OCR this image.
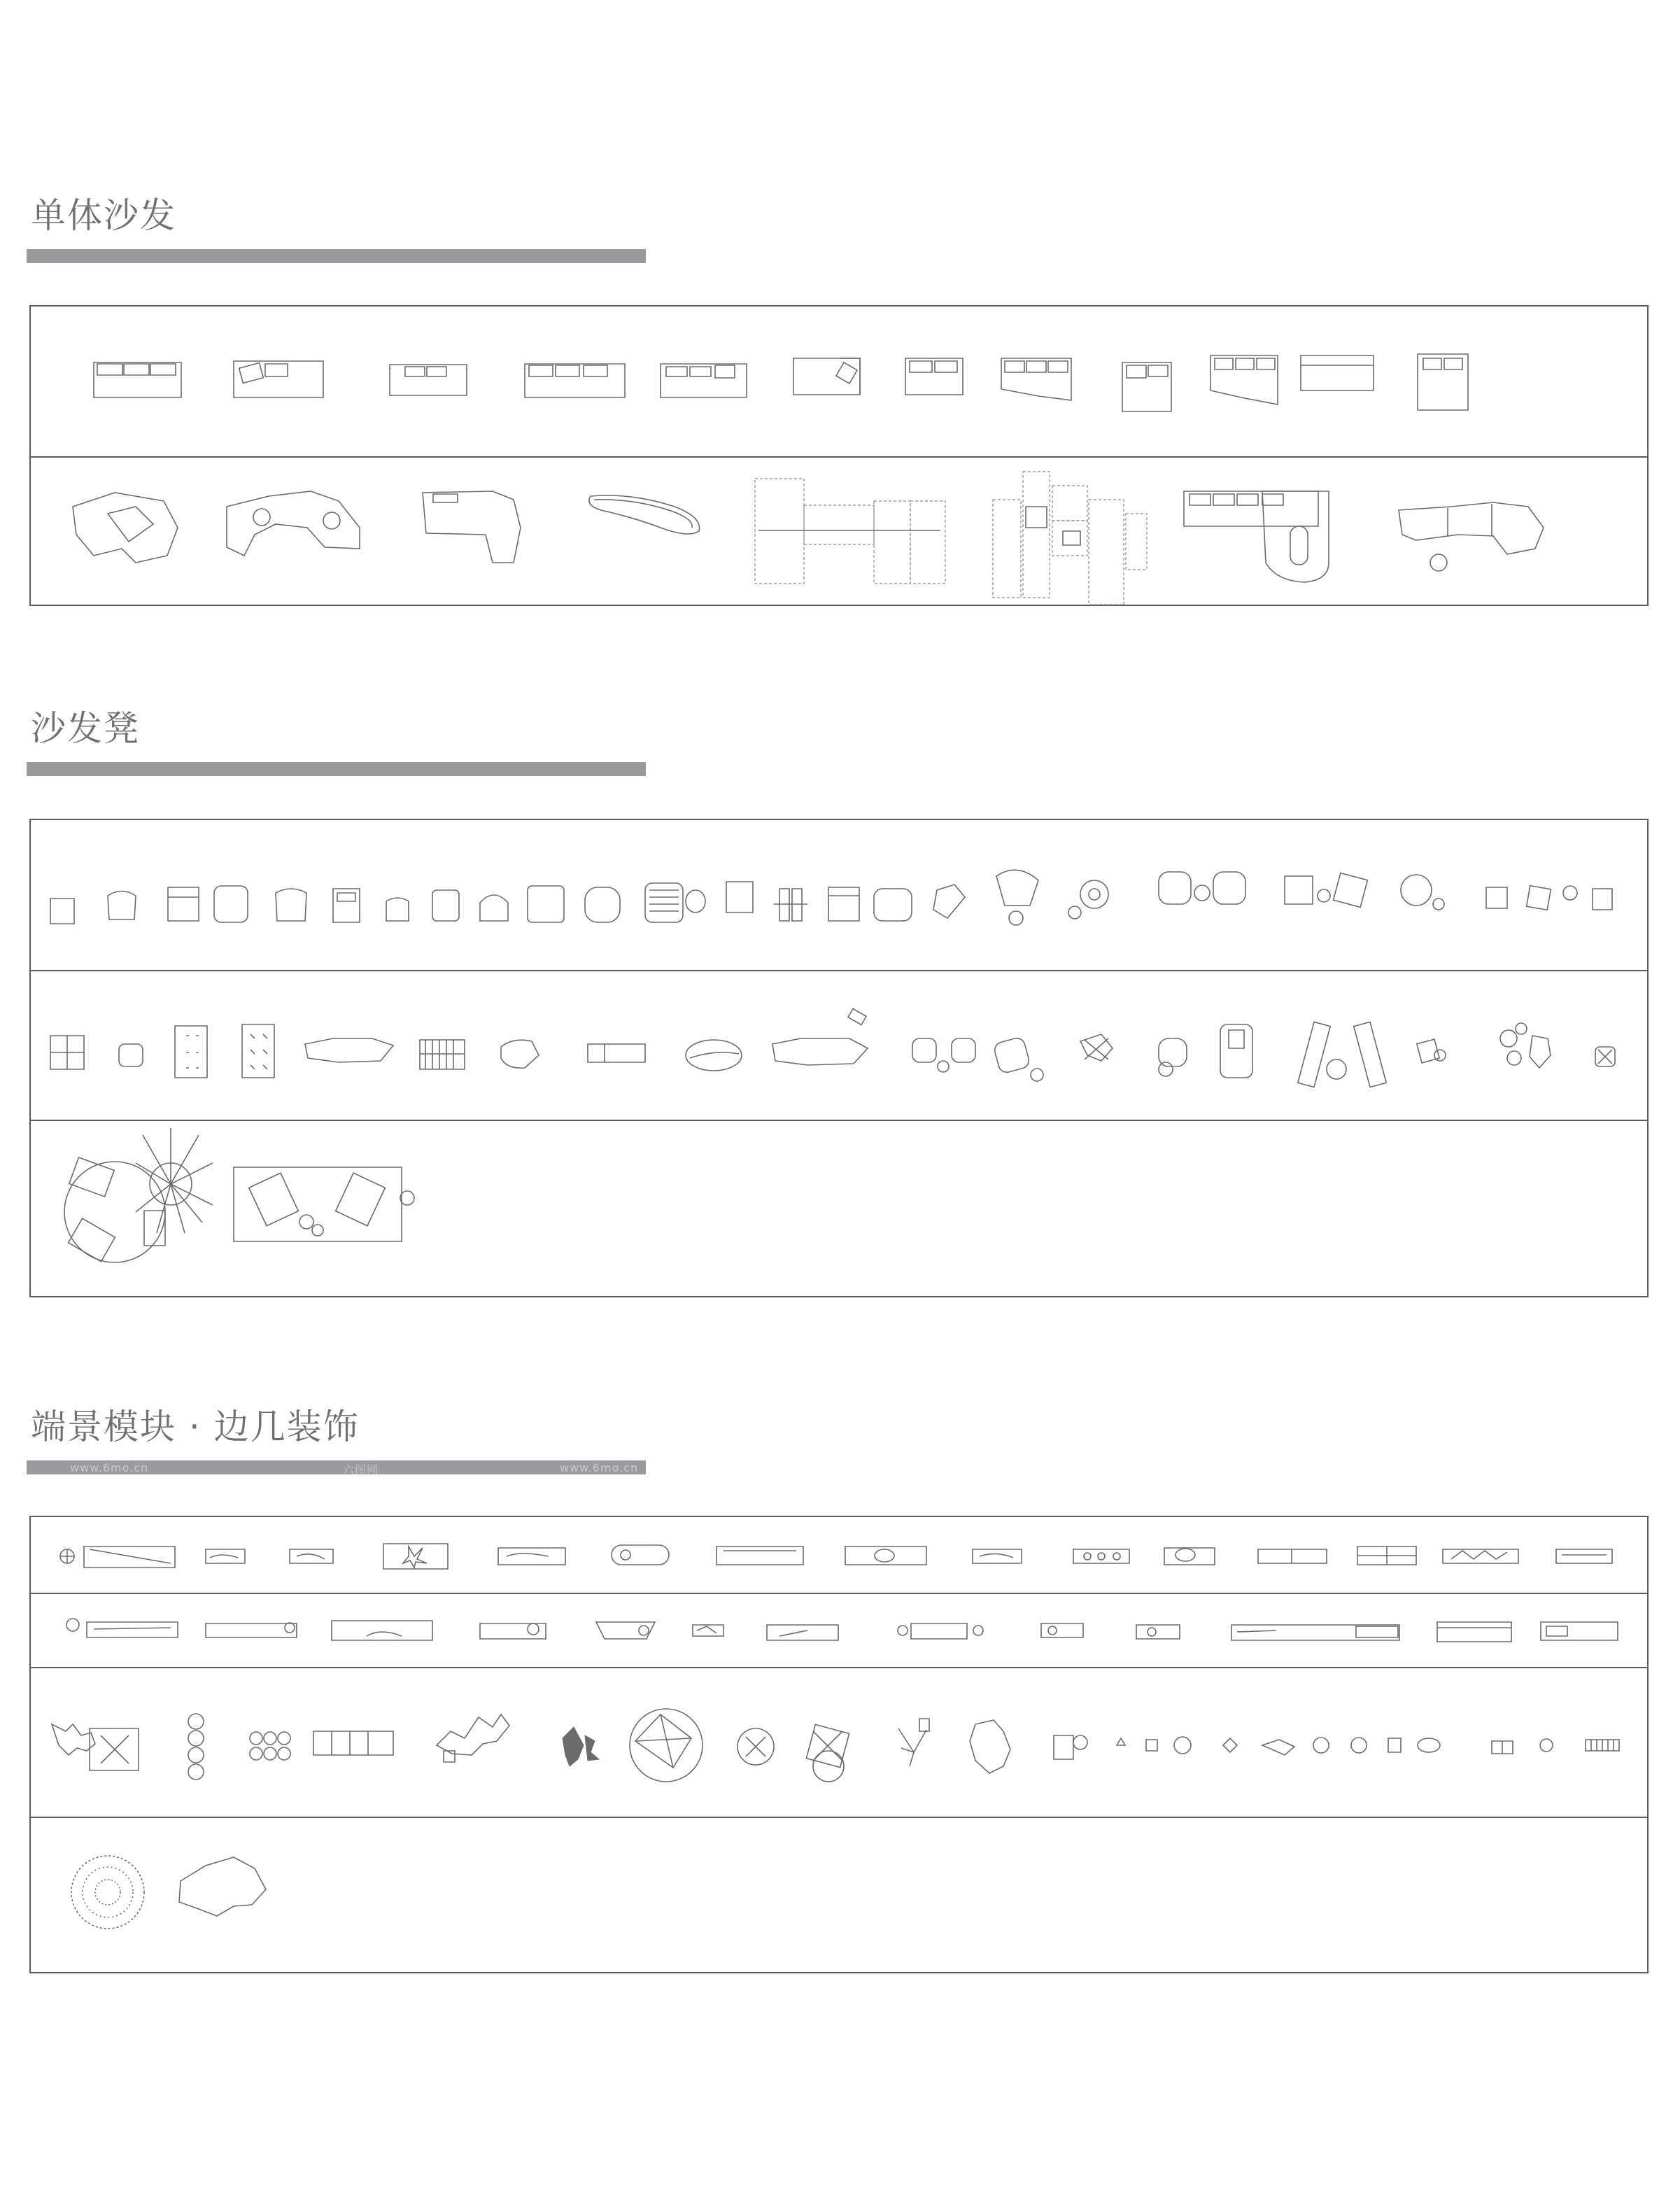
单体沙发
沙发凳
端景模块 · 边几装饰
www.6mo.cn	六图网	www.6mo.cn
